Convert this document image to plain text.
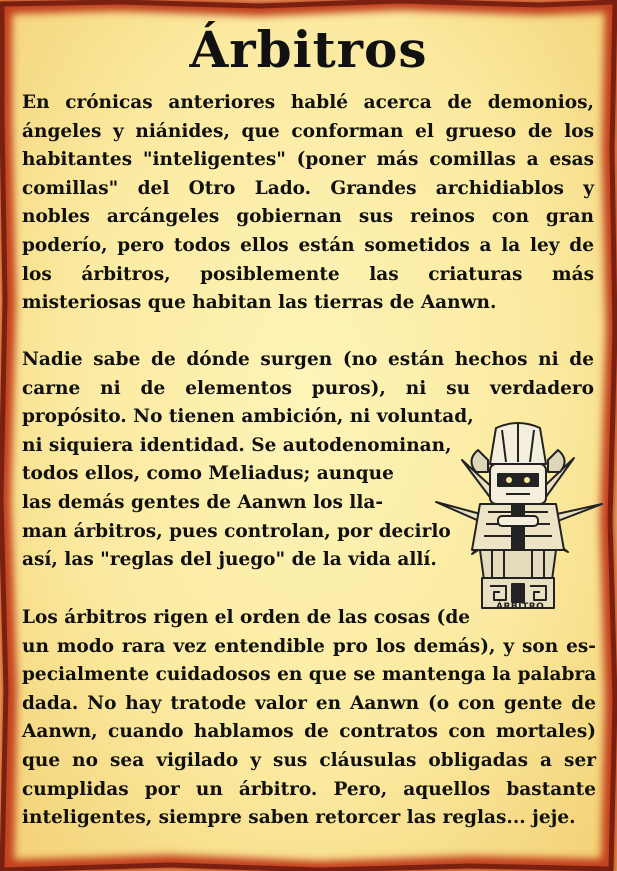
Árbitros
En crónicas anteriores hablé acerca de demonios,
ángeles y niánides, que conforman el grueso de los
habitantes "inteligentes" (poner más comillas a esas
comillas" del Otro Lado. Grandes archidiablos y
nobles arcángeles gobiernan sus reinos con gran
poderío, pero todos ellos están sometidos a la ley de
los árbitros, posiblemente las criaturas más
misteriosas que habitan las tierras de Aanwn.
Nadie sabe de dónde surgen (no están hechos ni de
carne ni de elementos puros), ni su verdadero
propósito. No tienen ambición, ni voluntad,
ni siquiera identidad. Se autodenominan,
todos ellos, como Meliadus; aunque
las demás gentes de Aanwn los lla-
man árbitros, pues controlan, por decirlo
así, las "reglas del juego" de la vida allí.
ÁRBITRO
Los árbitros rigen el orden de las cosas (de
un modo rara vez entendible pro los demás), y son es-
pecialmente cuidadosos en que se mantenga la palabra
dada. No hay tratode valor en Aanwn (o con gente de
Aanwn, cuando hablamos de contratos con mortales)
que no sea vigilado y sus cláusulas obligadas a ser
cumplidas por un árbitro. Pero, aquellos bastante
inteligentes, siempre saben retorcer las reglas... jeje.
